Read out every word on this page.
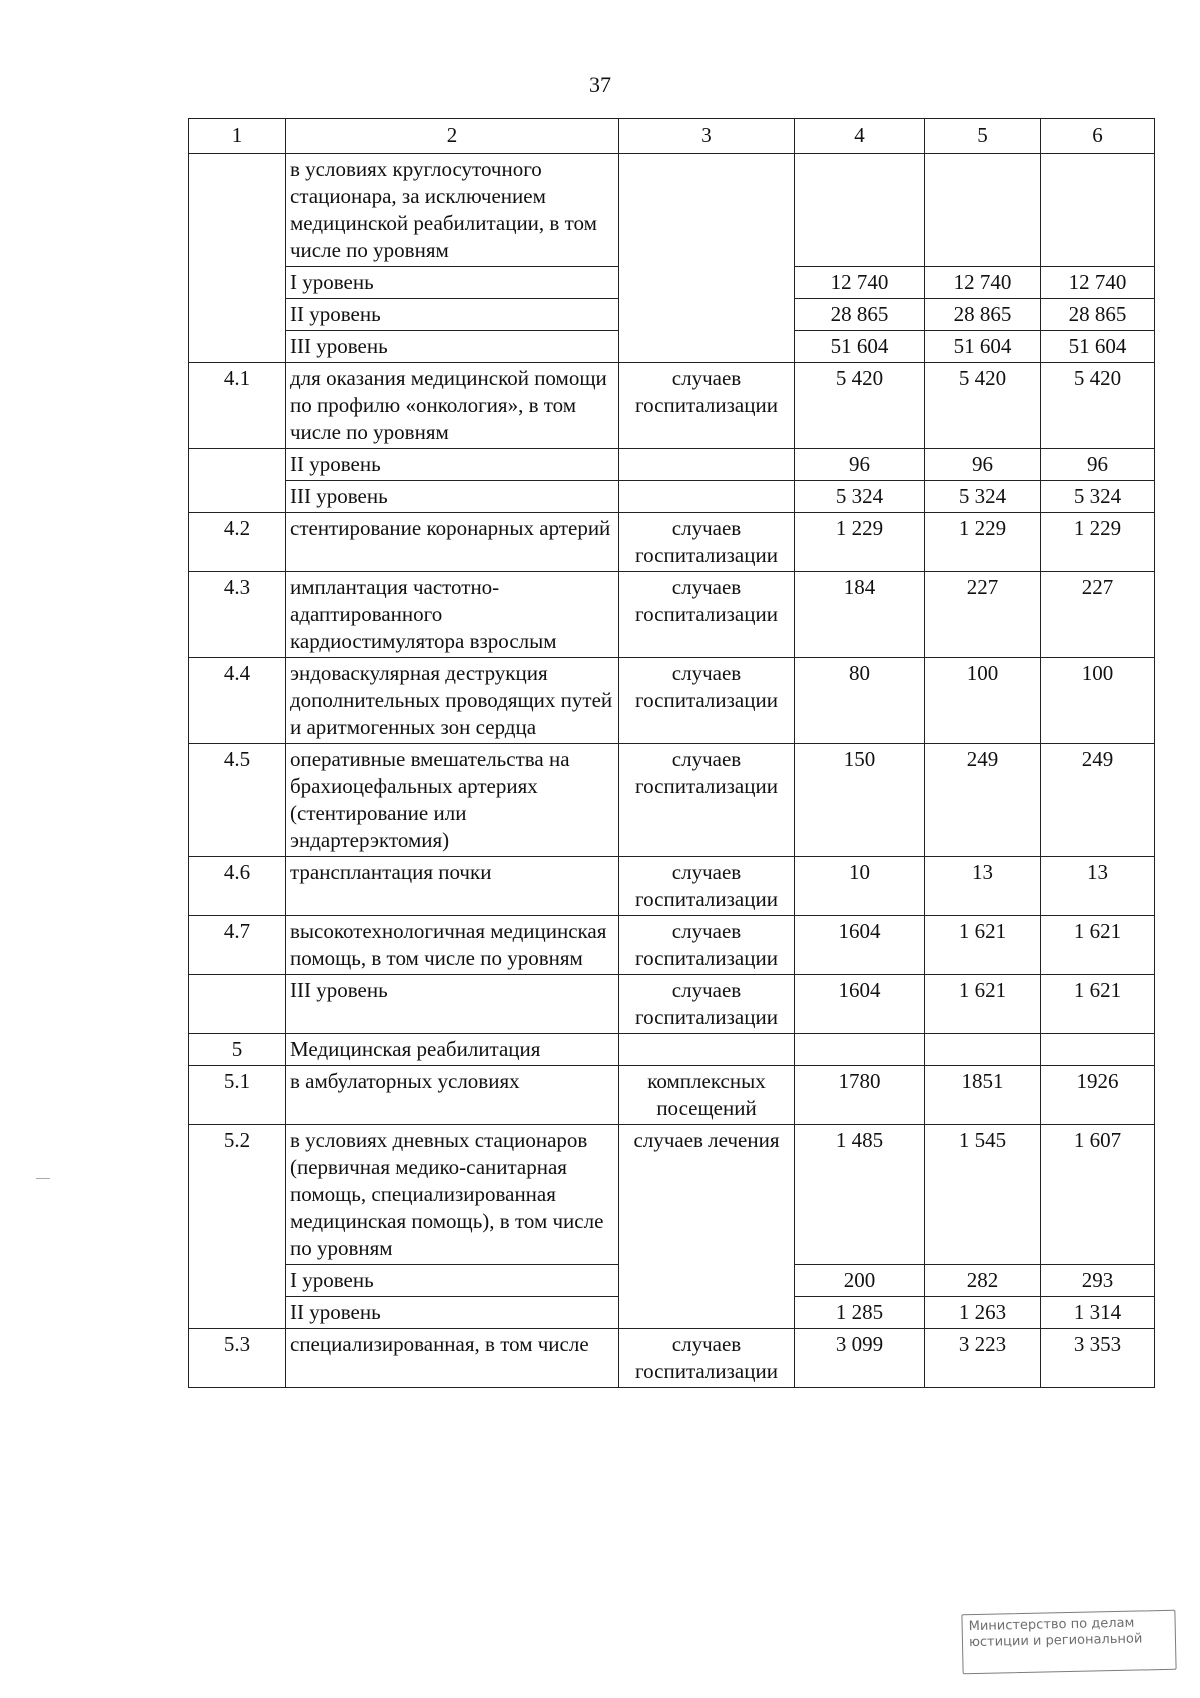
37
1	2	3	4	5	6
	в условиях круглосуточного стационара, за исключением медицинской реабилитации, в том числе по уровням				
	I уровень		12 740	12 740	12 740
	II уровень		28 865	28 865	28 865
	III уровень		51 604	51 604	51 604
4.1	для оказания медицинской помощи по профилю «онкология», в том числе по уровням	случаев госпитализации	5 420	5 420	5 420
	II уровень		96	96	96
	III уровень		5 324	5 324	5 324
4.2	стентирование коронарных артерий	случаев госпитализации	1 229	1 229	1 229
4.3	имплантация частотно-адаптированного кардиостимулятора взрослым	случаев госпитализации	184	227	227
4.4	эндоваскулярная деструкция дополнительных проводящих путей и аритмогенных зон сердца	случаев госпитализации	80	100	100
4.5	оперативные вмешательства на брахиоцефальных артериях (стентирование или эндартерэктомия)	случаев госпитализации	150	249	249
4.6	трансплантация почки	случаев госпитализации	10	13	13
4.7	высокотехнологичная медицинская помощь, в том числе по уровням	случаев госпитализации	1604	1 621	1 621
	III уровень	случаев госпитализации	1604	1 621	1 621
5	Медицинская реабилитация				
5.1	в амбулаторных условиях	комплексных посещений	1780	1851	1926
5.2	в условиях дневных стационаров (первичная медико-санитарная помощь, специализированная медицинская помощь), в том числе по уровням	случаев лечения	1 485	1 545	1 607
	I уровень		200	282	293
	II уровень		1 285	1 263	1 314
5.3	специализированная, в том числе	случаев госпитализации	3 099	3 223	3 353
Министерство по делам
юстиции и региональной
